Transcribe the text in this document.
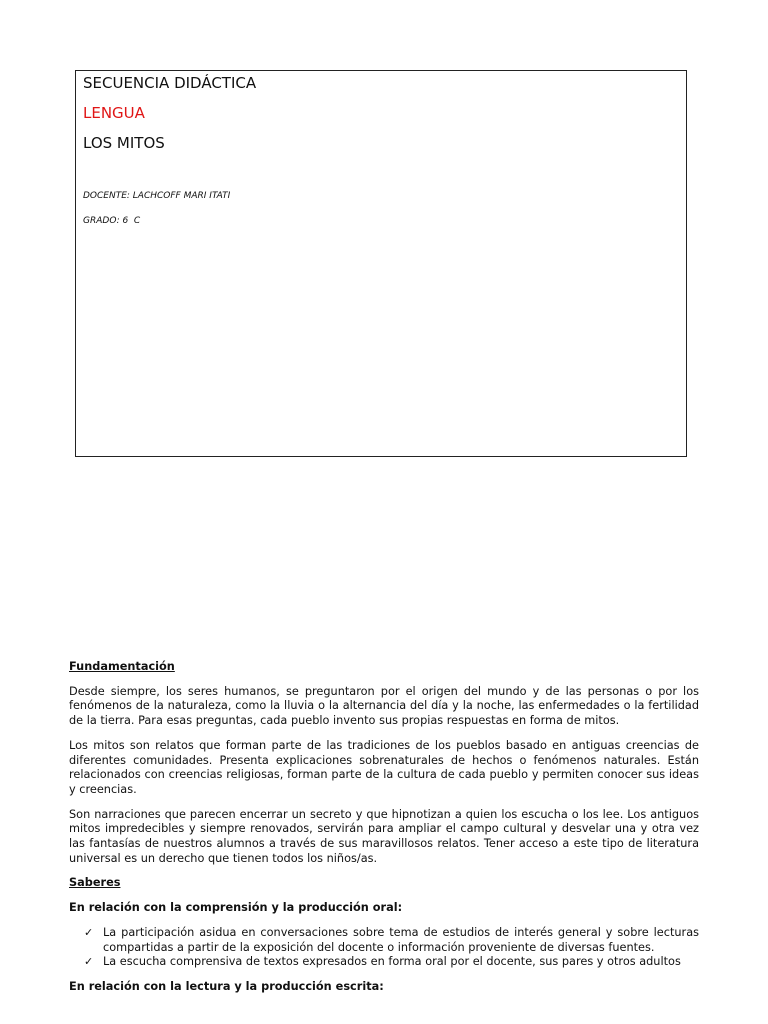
SECUENCIA DIDÁCTICA

LENGUA

LOS MITOS

DOCENTE: LACHCOFF MARI ITATI

GRADO: 6  C

Fundamentación

Desde siempre, los seres humanos, se preguntaron por el origen del mundo y de las personas o por los fenómenos de la naturaleza, como la lluvia o la alternancia del día y la noche, las enfermedades o la fertilidad de la tierra. Para esas preguntas, cada pueblo invento sus propias respuestas en forma de mitos.

Los mitos son relatos que forman parte de las tradiciones de los pueblos basado en antiguas creencias de diferentes comunidades. Presenta explicaciones sobrenaturales de hechos o fenómenos naturales. Están relacionados con creencias religiosas, forman parte de la cultura de cada pueblo y permiten conocer sus ideas y creencias.

Son narraciones que parecen encerrar un secreto y que hipnotizan a quien los escucha o los lee. Los antiguos mitos impredecibles y siempre renovados, servirán para ampliar el campo cultural y desvelar una y otra vez las fantasías de nuestros alumnos a través de sus maravillosos relatos. Tener acceso a este tipo de literatura universal es un derecho que tienen todos los niños/as.

Saberes

En relación con la comprensión y la producción oral:

✓ La participación asidua en conversaciones sobre tema de estudios de interés general y sobre lecturas compartidas a partir de la exposición del docente o información proveniente de diversas fuentes.
✓ La escucha comprensiva de textos expresados en forma oral por el docente, sus pares y otros adultos

En relación con la lectura y la producción escrita:
